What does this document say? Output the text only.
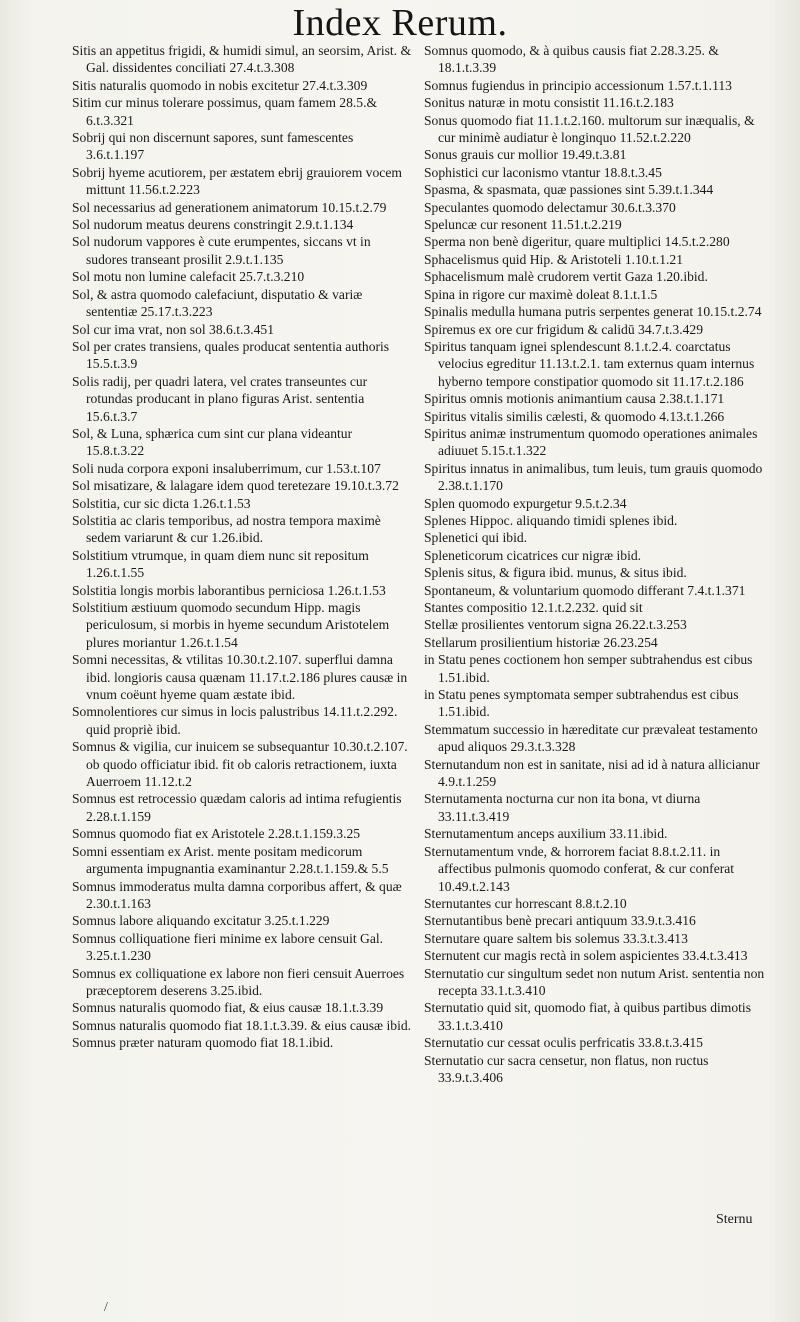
Index Rerum.

Sitis an appetitus frigidi, & humidi simul, an seorsim, Arist. & Gal. dissidentes conciliati 27.4.t.3.308

Sitis naturalis quomodo in nobis excitetur 27.4.t.3.309

Sitim cur minus tolerare possimus, quam famem 28.5.& 6.t.3.321

Sobrij qui non discernunt sapores, sunt famescentes 3.6.t.1.197

Sobrij hyeme acutiorem, per æstatem ebrij grauiorem vocem mittunt 11.56.t.2.223

Sol necessarius ad generationem animatorum 10.15.t.2.79

Sol nudorum meatus deurens constringit 2.9.t.1.134

Sol nudorum vappores è cute erumpentes, siccans vt in sudores transeant prosilit 2.9.t.1.135

Sol motu non lumine calefacit 25.7.t.3.210

Sol, & astra quomodo calefaciunt, disputatio & variæ sententiæ 25.17.t.3.223

Sol cur ima vrat, non sol 38.6.t.3.451

Sol per crates transiens, quales producat sententia authoris 15.5.t.3.9

Solis radij, per quadri latera, vel crates transeuntes cur rotundas producant in plano figuras Arist. sententia 15.6.t.3.7

Sol, & Luna, sphærica cum sint cur plana videantur 15.8.t.3.22

Soli nuda corpora exponi insaluberrimum, cur 1.53.t.107

Sol misatizare, & lalagare idem quod teretezare 19.10.t.3.72

Solstitia, cur sic dicta 1.26.t.1.53

Solstitia ac claris temporibus, ad nostra tempora maximè sedem variarunt & cur 1.26.ibid.

Solstitium vtrumque, in quam diem nunc sit repositum 1.26.t.1.55

Solstitia longis morbis laborantibus perniciosa 1.26.t.1.53

Solstitium æstiuum quomodo secundum Hipp. magis periculosum, si morbis in hyeme secundum Aristotelem plures moriantur 1.26.t.1.54

Somni necessitas, & vtilitas 10.30.t.2.107. superflui damna ibid. longioris causa quænam 11.17.t.2.186 plures causæ in vnum coëunt hyeme quam æstate ibid.

Somnolentiores cur simus in locis palustribus 14.11.t.2.292. quid propriè ibid.

Somnus & vigilia, cur inuicem se subsequantur 10.30.t.2.107. ob quodo officiatur ibid. fit ob caloris retractionem, iuxta Auerroem 11.12.t.2

Somnus est retrocessio quædam caloris ad intima refugientis 2.28.t.1.159

Somnus quomodo fiat ex Aristotele 2.28.t.1.159.3.25

Somni essentiam ex Arist. mente positam medicorum argumenta impugnantia examinantur 2.28.t.1.159.& 5.5

Somnus immoderatus multa damna corporibus affert, & quæ 2.30.t.1.163

Somnus labore aliquando excitatur 3.25.t.1.229

Somnus colliquatione fieri minime ex labore censuit Gal. 3.25.t.1.230

Somnus ex colliquatione ex labore non fieri censuit Auerroes præceptorem deserens 3.25.ibid.

Somnus naturalis quomodo fiat, & eius causæ 18.1.t.3.39

Somnus naturalis quomodo fiat 18.1.t.3.39. & eius causæ ibid.

Somnus præter naturam quomodo fiat 18.1.ibid.

Somnus quomodo, & à quibus causis fiat 2.28.3.25. & 18.1.t.3.39

Somnus fugiendus in principio accessionum 1.57.t.1.113

Sonitus naturæ in motu consistit 11.16.t.2.183

Sonus quomodo fiat 11.1.t.2.160. multorum sur inæqualis, & cur minimè audiatur è longinquo 11.52.t.2.220

Sonus grauis cur mollior 19.49.t.3.81

Sophistici cur laconismo vtantur 18.8.t.3.45

Spasma, & spasmata, quæ passiones sint 5.39.t.1.344

Speculantes quomodo delectamur 30.6.t.3.370

Speluncæ cur resonent 11.51.t.2.219

Sperma non benè digeritur, quare multiplici 14.5.t.2.280

Sphacelismus quid Hip. & Aristoteli 1.10.t.1.21

Sphacelismum malè crudorem vertit Gaza 1.20.ibid.

Spina in rigore cur maximè doleat 8.1.t.1.5

Spinalis medulla humana putris serpentes generat 10.15.t.2.74

Spiremus ex ore cur frigidum & calidū 34.7.t.3.429

Spiritus tanquam ignei splendescunt 8.1.t.2.4. coarctatus velocius egreditur 11.13.t.2.1. tam externus quam internus hyberno tempore constipatior quomodo sit 11.17.t.2.186

Spiritus omnis motionis animantium causa 2.38.t.1.171

Spiritus vitalis similis cælesti, & quomodo 4.13.t.1.266

Spiritus animæ instrumentum quomodo operationes animales adiuuet 5.15.t.1.322

Spiritus innatus in animalibus, tum leuis, tum grauis quomodo 2.38.t.1.170

Splen quomodo expurgetur 9.5.t.2.34

Splenes Hippoc. aliquando timidi splenes ibid.

Splenetici qui ibid.

Spleneticorum cicatrices cur nigræ ibid.

Splenis situs, & figura ibid. munus, & situs ibid.

Spontaneum, & voluntarium quomodo differant 7.4.t.1.371

Stantes compositio 12.1.t.2.232. quid sit

Stellæ prosilientes ventorum signa 26.22.t.3.253

Stellarum prosilientium historiæ 26.23.254

in Statu penes coctionem hon semper subtrahendus est cibus 1.51.ibid.

in Statu penes symptomata semper subtrahendus est cibus 1.51.ibid.

Stemmatum successio in hæreditate cur prævaleat testamento apud aliquos 29.3.t.3.328

Sternutandum non est in sanitate, nisi ad id à natura allicianur 4.9.t.1.259

Sternutamenta nocturna cur non ita bona, vt diurna 33.11.t.3.419

Sternutamentum anceps auxilium 33.11.ibid.

Sternutamentum vnde, & horrorem faciat 8.8.t.2.11. in affectibus pulmonis quomodo conferat, & cur conferat 10.49.t.2.143

Sternutantes cur horrescant 8.8.t.2.10

Sternutantibus benè precari antiquum 33.9.t.3.416

Sternutare quare saltem bis solemus 33.3.t.3.413

Sternutent cur magis rectà in solem aspicientes 33.4.t.3.413

Sternutatio cur singultum sedet non nutum Arist. sententia non recepta 33.1.t.3.410

Sternutatio quid sit, quomodo fiat, à quibus partibus dimotis 33.1.t.3.410

Sternutatio cur cessat oculis perfricatis 33.8.t.3.415

Sternutatio cur sacra censetur, non flatus, non ructus 33.9.t.3.406

Sternu
/
